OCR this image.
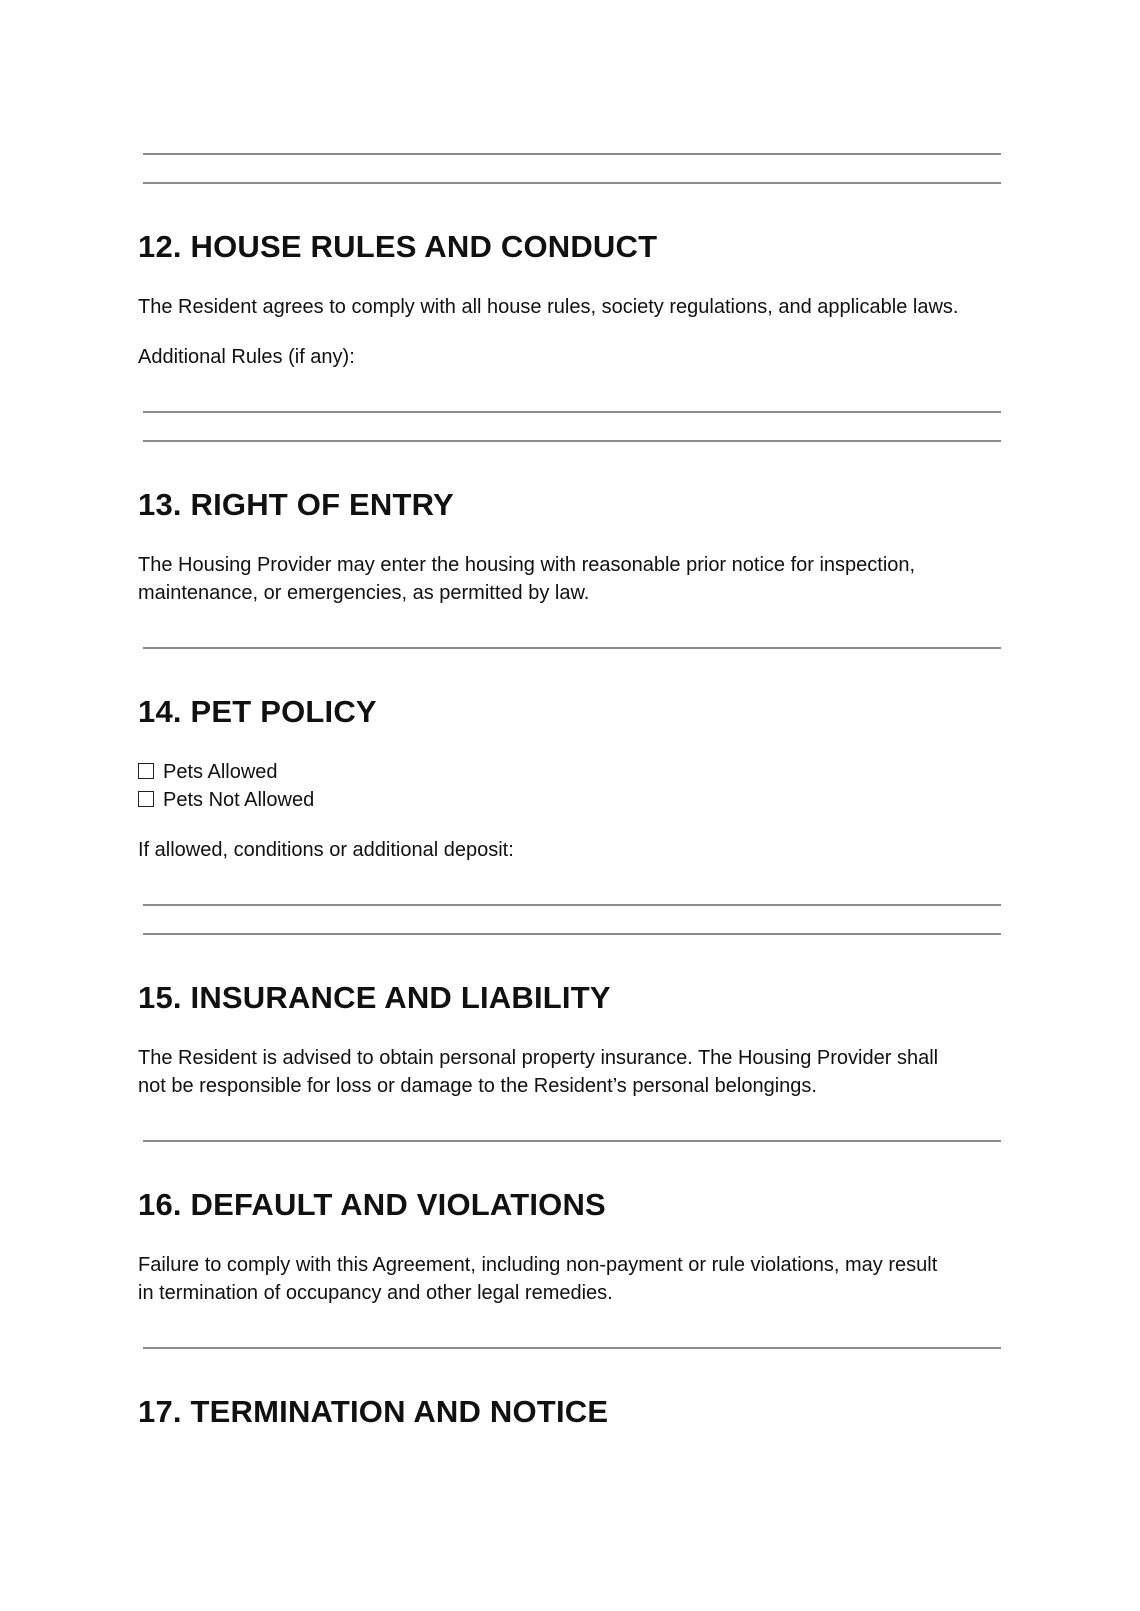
12. HOUSE RULES AND CONDUCT

The Resident agrees to comply with all house rules, society regulations, and applicable laws.

Additional Rules (if any):

13. RIGHT OF ENTRY

The Housing Provider may enter the housing with reasonable prior notice for inspection,
maintenance, or emergencies, as permitted by law.

14. PET POLICY
Pets Allowed
Pets Not Allowed

If allowed, conditions or additional deposit:

15. INSURANCE AND LIABILITY

The Resident is advised to obtain personal property insurance. The Housing Provider shall
not be responsible for loss or damage to the Resident’s personal belongings.

16. DEFAULT AND VIOLATIONS

Failure to comply with this Agreement, including non-payment or rule violations, may result
in termination of occupancy and other legal remedies.

17. TERMINATION AND NOTICE
